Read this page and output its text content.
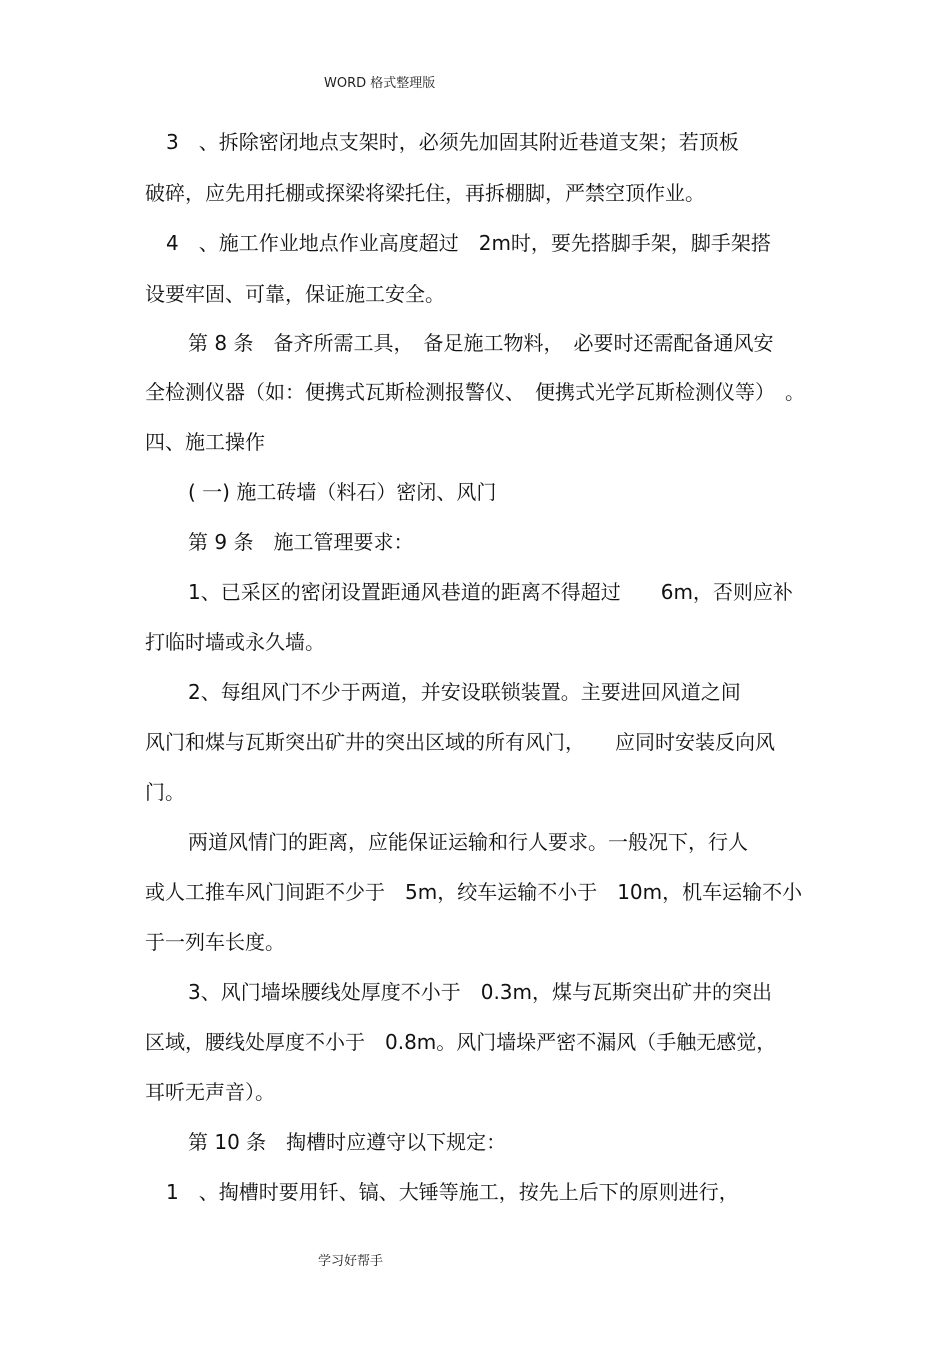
WORD 格式整理版
3　、拆除密闭地点支架时，必须先加固其附近巷道支架；若顶板
破碎，应先用托棚或探梁将梁托住，再拆棚脚，严禁空顶作业。
4　、施工作业地点作业高度超过　2m时，要先搭脚手架，脚手架搭
设要牢固、可靠，保证施工安全。
第 8 条　备齐所需工具，　备足施工物料，　必要时还需配备通风安
全检测仪器（如：便携式瓦斯检测报警仪、　便携式光学瓦斯检测仪等）　。
四、施工操作
( 一) 施工砖墙（料石）密闭、风门
第 9 条　施工管理要求：
1、已采区的密闭设置距通风巷道的距离不得超过　　6m，否则应补
打临时墙或永久墙。
2、每组风门不少于两道，并安设联锁装置。主要进回风道之间
风门和煤与瓦斯突出矿井的突出区域的所有风门，　　应同时安装反向风
门。
两道风情门的距离，应能保证运输和行人要求。一般况下，行人
或人工推车风门间距不少于　5m，绞车运输不小于　10m，机车运输不小
于一列车长度。
3、风门墙垛腰线处厚度不小于　0.3m，煤与瓦斯突出矿井的突出
区域，腰线处厚度不小于　0.8m。风门墙垛严密不漏风（手触无感觉，
耳听无声音）。
第 10 条　掏槽时应遵守以下规定：
1　、掏槽时要用钎、镐、大锤等施工，按先上后下的原则进行，
学习好帮手
